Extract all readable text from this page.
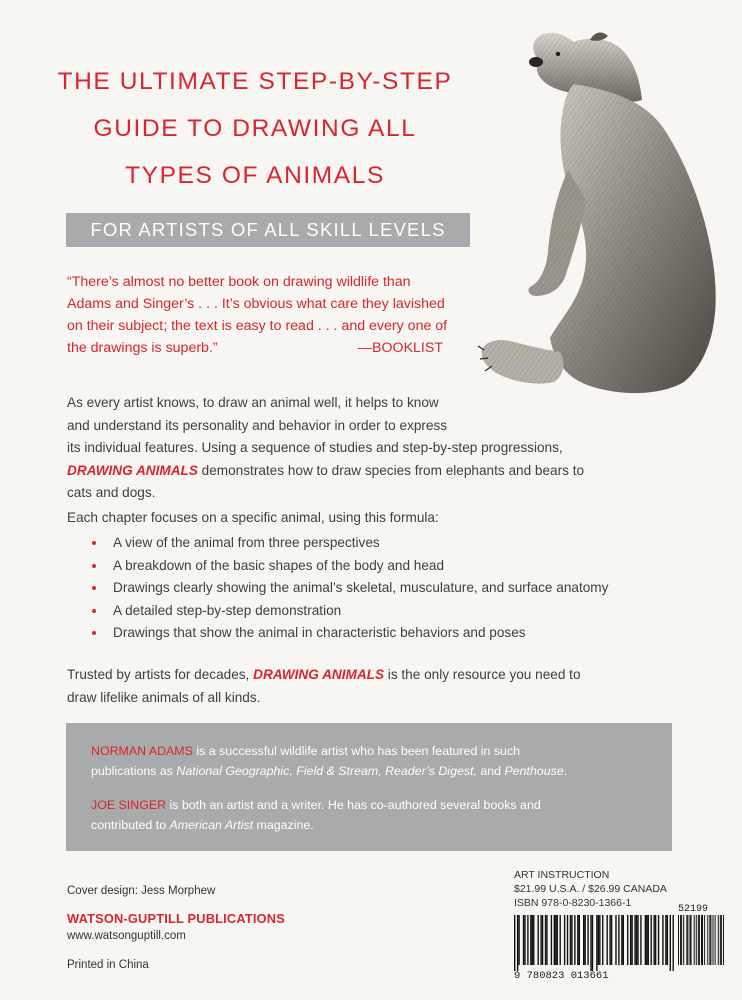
THE ULTIMATE STEP-BY-STEP
GUIDE TO DRAWING ALL
TYPES OF ANIMALS
FOR ARTISTS OF ALL SKILL LEVELS

“There’s almost no better book on drawing wildlife than
Adams and Singer’s . . . It’s obvious what care they lavished
on their subject; the text is easy to read . . . and every one of
the drawings is superb.”	—BOOKLIST

As every artist knows, to draw an animal well, it helps to know
and understand its personality and behavior in order to express
its individual features. Using a sequence of studies and step-by-step progressions,
DRAWING ANIMALS demonstrates how to draw species from elephants and bears to
cats and dogs.

Each chapter focuses on a specific animal, using this formula:

A view of the animal from three perspectives
A breakdown of the basic shapes of the body and head
Drawings clearly showing the animal’s skeletal, musculature, and surface anatomy
A detailed step-by-step demonstration
Drawings that show the animal in characteristic behaviors and poses

Trusted by artists for decades, DRAWING ANIMALS is the only resource you need to
draw lifelike animals of all kinds.

NORMAN ADAMS is a successful wildlife artist who has been featured in such
publications as National Geographic, Field & Stream, Reader’s Digest, and Penthouse.

JOE SINGER is both an artist and a writer. He has co-authored several books and
contributed to American Artist magazine.

Cover design: Jess Morphew
WATSON-GUPTILL PUBLICATIONS
www.watsonguptill.com
Printed in China
ART INSTRUCTION
$21.99 U.S.A. / $26.99 CANADA
ISBN 978-0-8230-1366-1
52199
9 780823 013661
